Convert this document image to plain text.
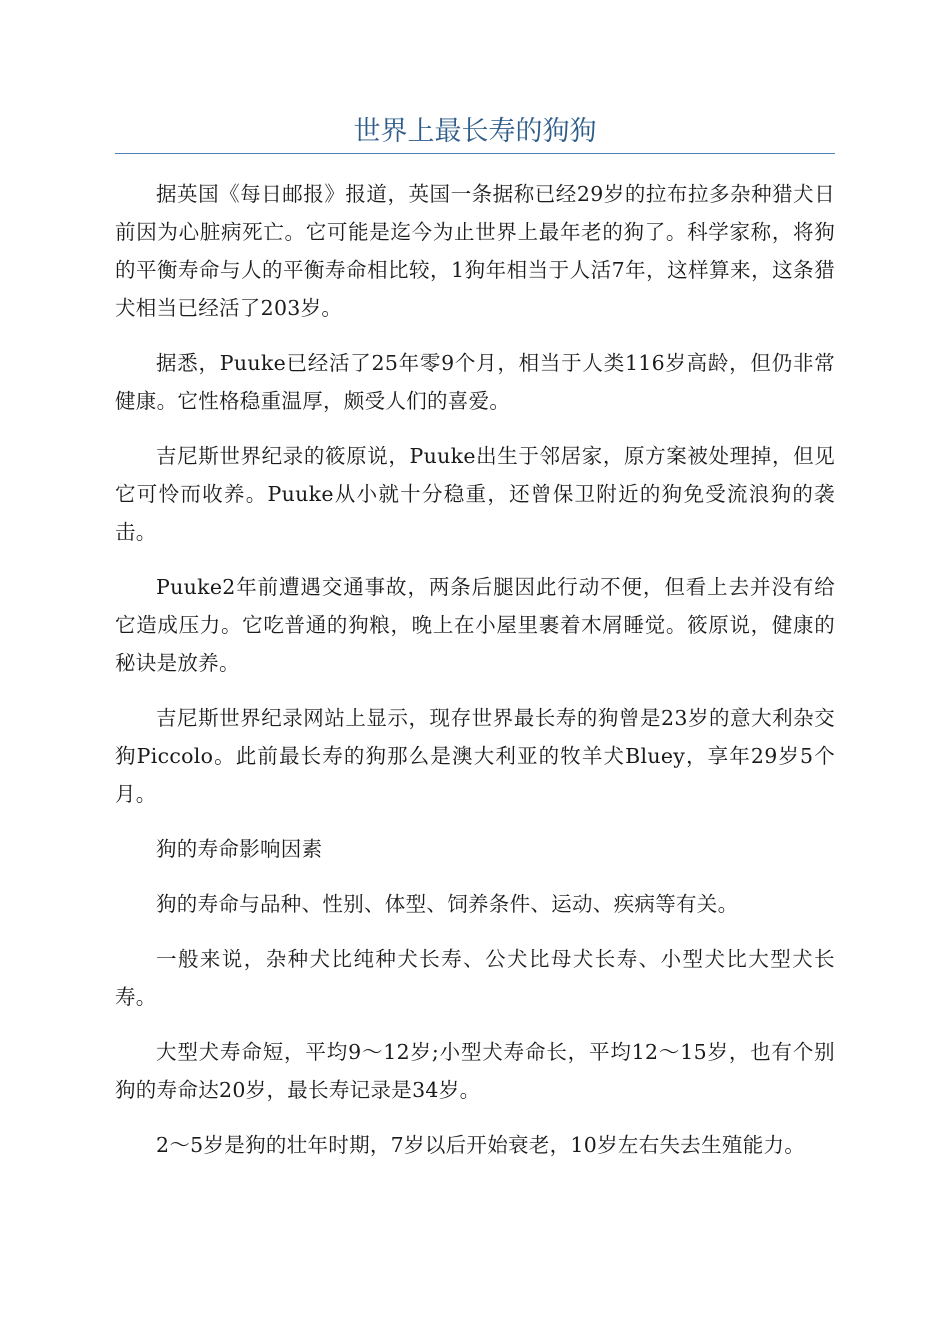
世界上最长寿的狗狗

据英国《每日邮报》报道，英国一条据称已经29岁的拉布拉多杂种猎犬日前因为心脏病死亡。它可能是迄今为止世界上最年老的狗了。科学家称，将狗的平衡寿命与人的平衡寿命相比较，1狗年相当于人活7年，这样算来，这条猎犬相当已经活了203岁。

据悉，Puuke已经活了25年零9个月，相当于人类116岁高龄，但仍非常健康。它性格稳重温厚，颇受人们的喜爱。

吉尼斯世界纪录的筱原说，Puuke出生于邻居家，原方案被处理掉，但见它可怜而收养。Puuke从小就十分稳重，还曾保卫附近的狗免受流浪狗的袭击。

Puuke2年前遭遇交通事故，两条后腿因此行动不便，但看上去并没有给它造成压力。它吃普通的狗粮，晚上在小屋里裹着木屑睡觉。筱原说，健康的秘诀是放养。

吉尼斯世界纪录网站上显示，现存世界最长寿的狗曾是23岁的意大利杂交狗Piccolo。此前最长寿的狗那么是澳大利亚的牧羊犬Bluey，享年29岁5个月。

狗的寿命影响因素

狗的寿命与品种、性别、体型、饲养条件、运动、疾病等有关。

一般来说，杂种犬比纯种犬长寿、公犬比母犬长寿、小型犬比大型犬长寿。

大型犬寿命短，平均9～12岁;小型犬寿命长，平均12～15岁，也有个别狗的寿命达20岁，最长寿记录是34岁。

2～5岁是狗的壮年时期，7岁以后开始衰老，10岁左右失去生殖能力。
